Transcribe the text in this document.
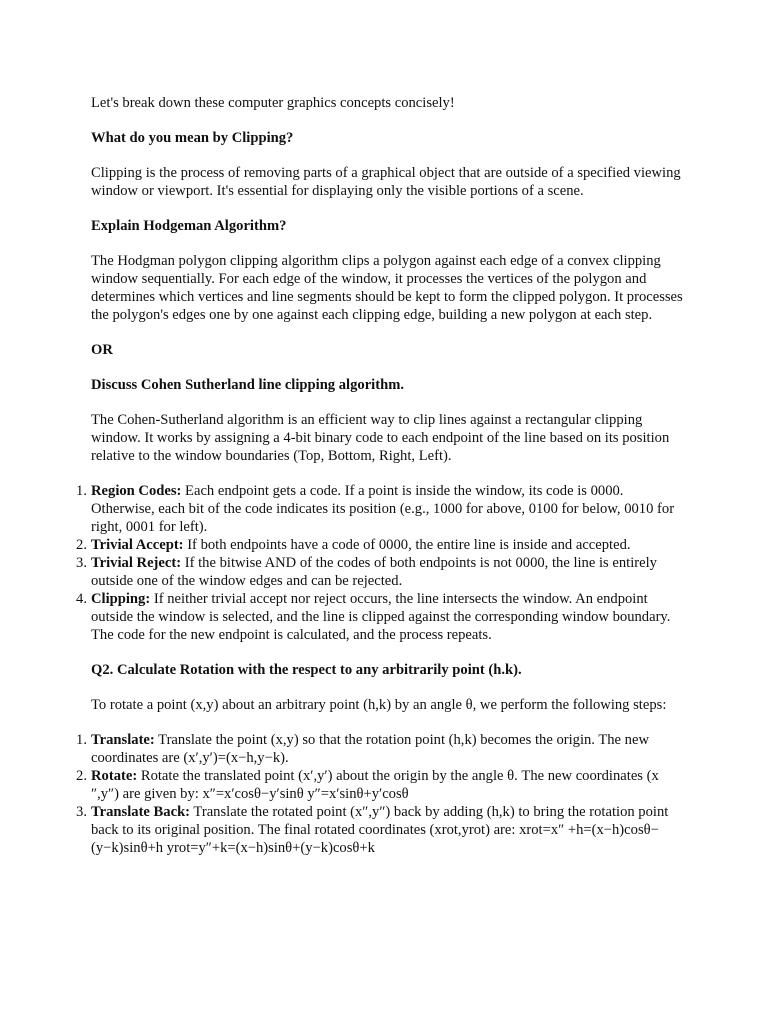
Let's break down these computer graphics concepts concisely!

What do you mean by Clipping?

Clipping is the process of removing parts of a graphical object that are outside of a specified viewing window or viewport. It's essential for displaying only the visible portions of a scene.

Explain Hodgeman Algorithm?

The Hodgman polygon clipping algorithm clips a polygon against each edge of a convex clipping window sequentially. For each edge of the window, it processes the vertices of the polygon and determines which vertices and line segments should be kept to form the clipped polygon. It processes the polygon's edges one by one against each clipping edge, building a new polygon at each step.

OR

Discuss Cohen Sutherland line clipping algorithm.

The Cohen-Sutherland algorithm is an efficient way to clip lines against a rectangular clipping window. It works by assigning a 4-bit binary code to each endpoint of the line based on its position relative to the window boundaries (Top, Bottom, Right, Left).

1. Region Codes: Each endpoint gets a code. If a point is inside the window, its code is 0000. Otherwise, each bit of the code indicates its position (e.g., 1000 for above, 0100 for below, 0010 for right, 0001 for left).
2. Trivial Accept: If both endpoints have a code of 0000, the entire line is inside and accepted.
3. Trivial Reject: If the bitwise AND of the codes of both endpoints is not 0000, the line is entirely outside one of the window edges and can be rejected.
4. Clipping: If neither trivial accept nor reject occurs, the line intersects the window. An endpoint outside the window is selected, and the line is clipped against the corresponding window boundary. The code for the new endpoint is calculated, and the process repeats.

Q2. Calculate Rotation with the respect to any arbitrarily point (h.k).

To rotate a point (x,y) about an arbitrary point (h,k) by an angle θ, we perform the following steps:

1. Translate: Translate the point (x,y) so that the rotation point (h,k) becomes the origin. The new coordinates are (x′,y′)=(x−h,y−k).
2. Rotate: Rotate the translated point (x′,y′) about the origin by the angle θ. The new coordinates (x ″,y″) are given by: x″=x′cosθ−y′sinθ y″=x′sinθ+y′cosθ
3. Translate Back: Translate the rotated point (x″,y″) back by adding (h,k) to bring the rotation point back to its original position. The final rotated coordinates (xrot,yrot) are: xrot=x″ +h=(x−h)cosθ−(y−k)sinθ+h yrot=y″+k=(x−h)sinθ+(y−k)cosθ+k
